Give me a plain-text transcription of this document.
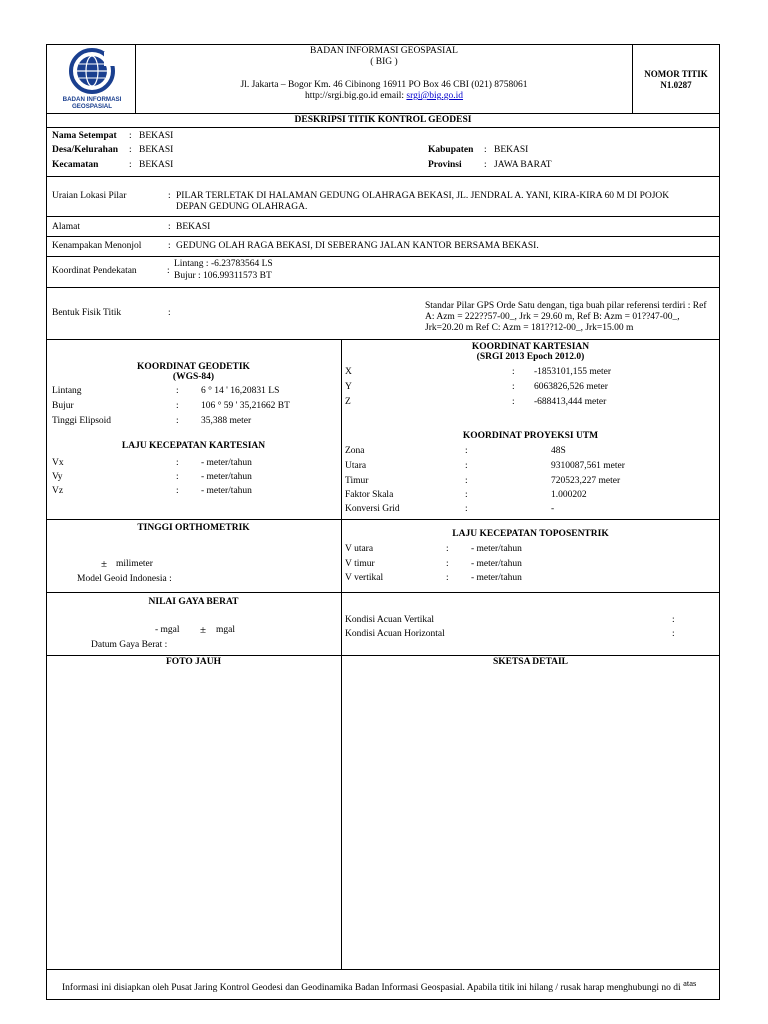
BADAN INFORMASI
GEOSPASIAL
BADAN INFORMASI GEOSPASIAL
( BIG )
Jl. Jakarta – Bogor Km. 46 Cibinong 16911 PO Box 46 CBI (021) 8758061
http://srgi.big.go.id email: srgi@big.go.id
NOMOR TITIK
N1.0287
DESKRIPSI TITIK KONTROL GEODESI
Nama Setempat : BEKASI
Desa/Kelurahan : BEKASI
Kecamatan	: BEKASI
Kabupaten : BEKASI
Provinsi : JAWA BARAT
Uraian Lokasi Pilar	: PILAR TERLETAK DI HALAMAN GEDUNG OLAHRAGA BEKASI, JL. JENDRAL A. YANI, KIRA-KIRA 60 M DI POJOK
DEPAN GEDUNG OLAHRAGA.
Alamat	: BEKASI
Kenampakan Menonjol	: GEDUNG OLAH RAGA BEKASI, DI SEBERANG JALAN KANTOR BERSAMA BEKASI.
Koordinat Pendekatan	:
Lintang : -6.23783564 LS
Bujur : 106.99311573 BT
Bentuk Fisik Titik	:
Standar Pilar GPS Orde Satu dengan, tiga buah pilar referensi terdiri : Ref
A: Azm = 222??57-00_, Jrk = 29.60 m, Ref B: Azm = 01??47-00_,
Jrk=20.20 m Ref C: Azm = 181??12-00_, Jrk=15.00 m
KOORDINAT GEODETIK
(WGS-84)
Lintang	: 6 ° 14 ' 16,20831 LS
Bujur	: 106 ° 59 ' 35,21662 BT
Tinggi Elipsoid	: 35,388 meter
LAJU KECEPATAN KARTESIAN
Vx	: - meter/tahun
Vy	: - meter/tahun
Vz	: - meter/tahun
KOORDINAT KARTESIAN
(SRGI 2013 Epoch 2012.0)
X	: -1853101,155 meter
Y	: 6063826,526 meter
Z	: -688413,444 meter
KOORDINAT PROYEKSI UTM
Zona	:	48S
Utara	:	9310087,561 meter
Timur	:	720523,227 meter
Faktor Skala	:	1.000202
Konversi Grid	:	-
TINGGI ORTHOMETRIK
± milimeter
Model Geoid Indonesia :
LAJU KECEPATAN TOPOSENTRIK
V utara	: - meter/tahun
V timur	: - meter/tahun
V vertikal	: - meter/tahun
NILAI GAYA BERAT
- mgal ± mgal
Datum Gaya Berat :
Kondisi Acuan Vertikal	:
Kondisi Acuan Horizontal	:
FOTO JAUH	SKETSA DETAIL
Informasi ini disiapkan oleh Pusat Jaring Kontrol Geodesi dan Geodinamika Badan Informasi Geospasial. Apabila titik ini hilang / rusak harap menghubungi no di atas
